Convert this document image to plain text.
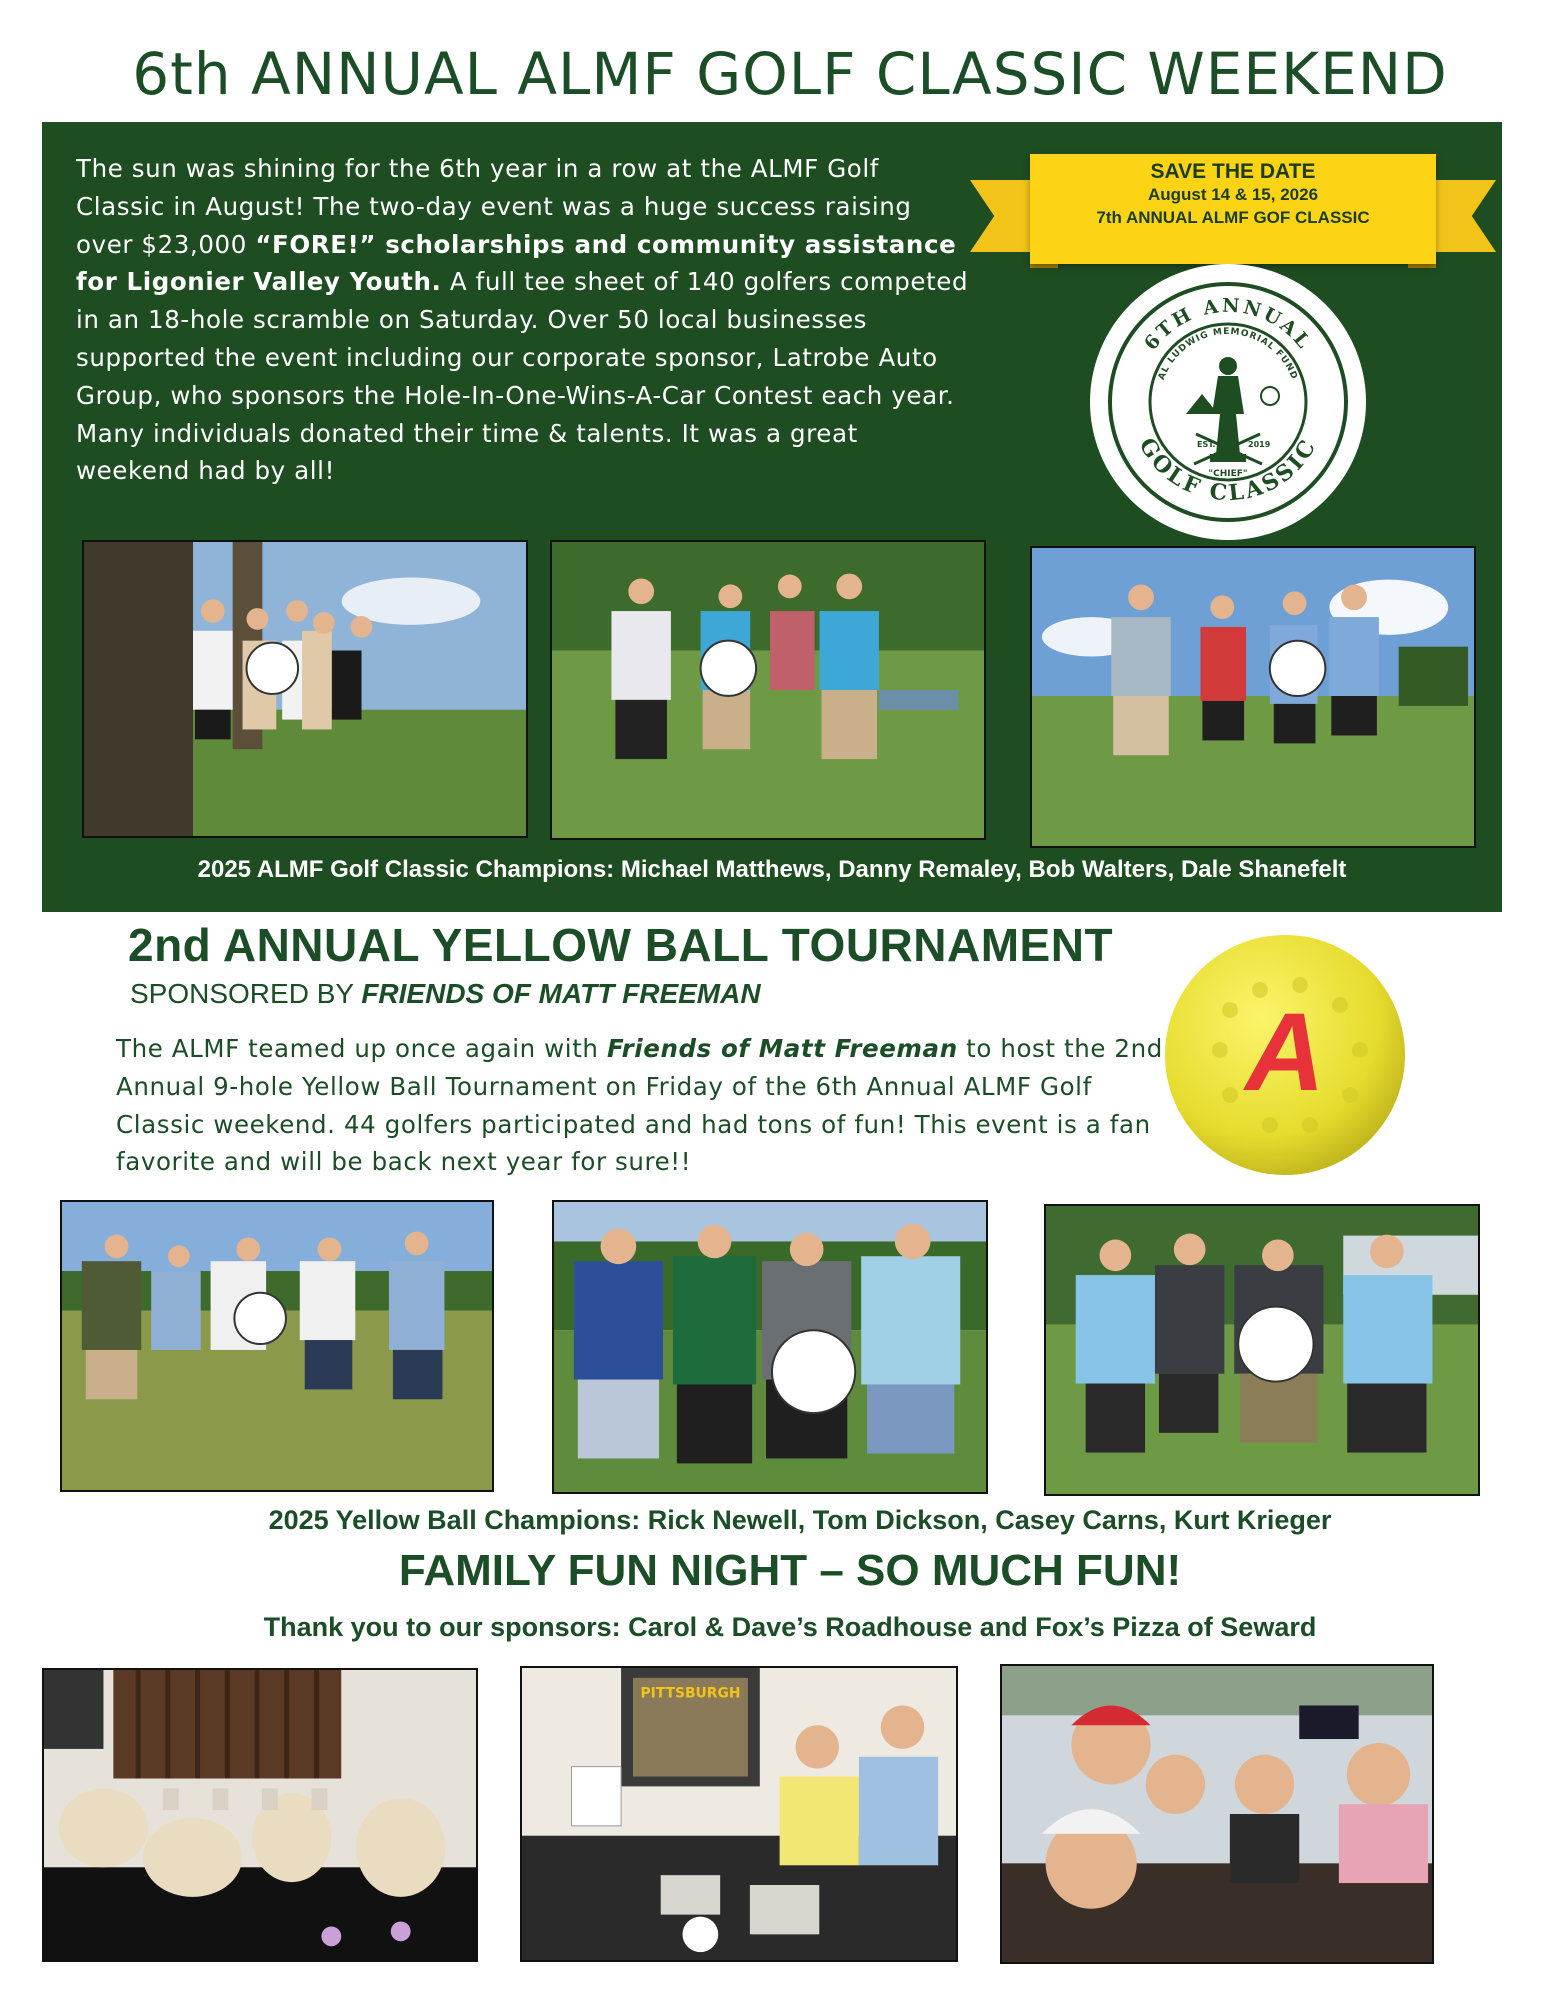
6th ANNUAL ALMF GOLF CLASSIC WEEKEND
The sun was shining for the 6th year in a row at the ALMF Golf Classic in August! The two-day event was a huge success raising over $23,000 “FORE!” scholarships and community assistance for Ligonier Valley Youth. A full tee sheet of 140 golfers competed in an 18-hole scramble on Saturday. Over 50 local businesses supported the event including our corporate sponsor, Latrobe Auto Group, who sponsors the Hole-In-One-Wins-A-Car Contest each year. Many individuals donated their time & talents. It was a great weekend had by all!
SAVE THE DATE
August 14 & 15, 2026
7th ANNUAL ALMF GOF CLASSIC
6TH ANNUAL
GOLF CLASSIC
AL LUDWIG MEMORIAL FUND
EST.	2019
"CHIEF"
2025 ALMF Golf Classic Champions: Michael Matthews, Danny Remaley, Bob Walters, Dale Shanefelt
2nd ANNUAL YELLOW BALL TOURNAMENT
SPONSORED BY FRIENDS OF MATT FREEMAN
The ALMF teamed up once again with Friends of Matt Freeman to host the 2nd Annual 9-hole Yellow Ball Tournament on Friday of the 6th Annual ALMF Golf Classic weekend. 44 golfers participated and had tons of fun! This event is a fan favorite and will be back next year for sure!!
A
2025 Yellow Ball Champions: Rick Newell, Tom Dickson, Casey Carns, Kurt Krieger
FAMILY FUN NIGHT – SO MUCH FUN!
Thank you to our sponsors: Carol & Dave’s Roadhouse and Fox’s Pizza of Seward
PITTSBURGH
